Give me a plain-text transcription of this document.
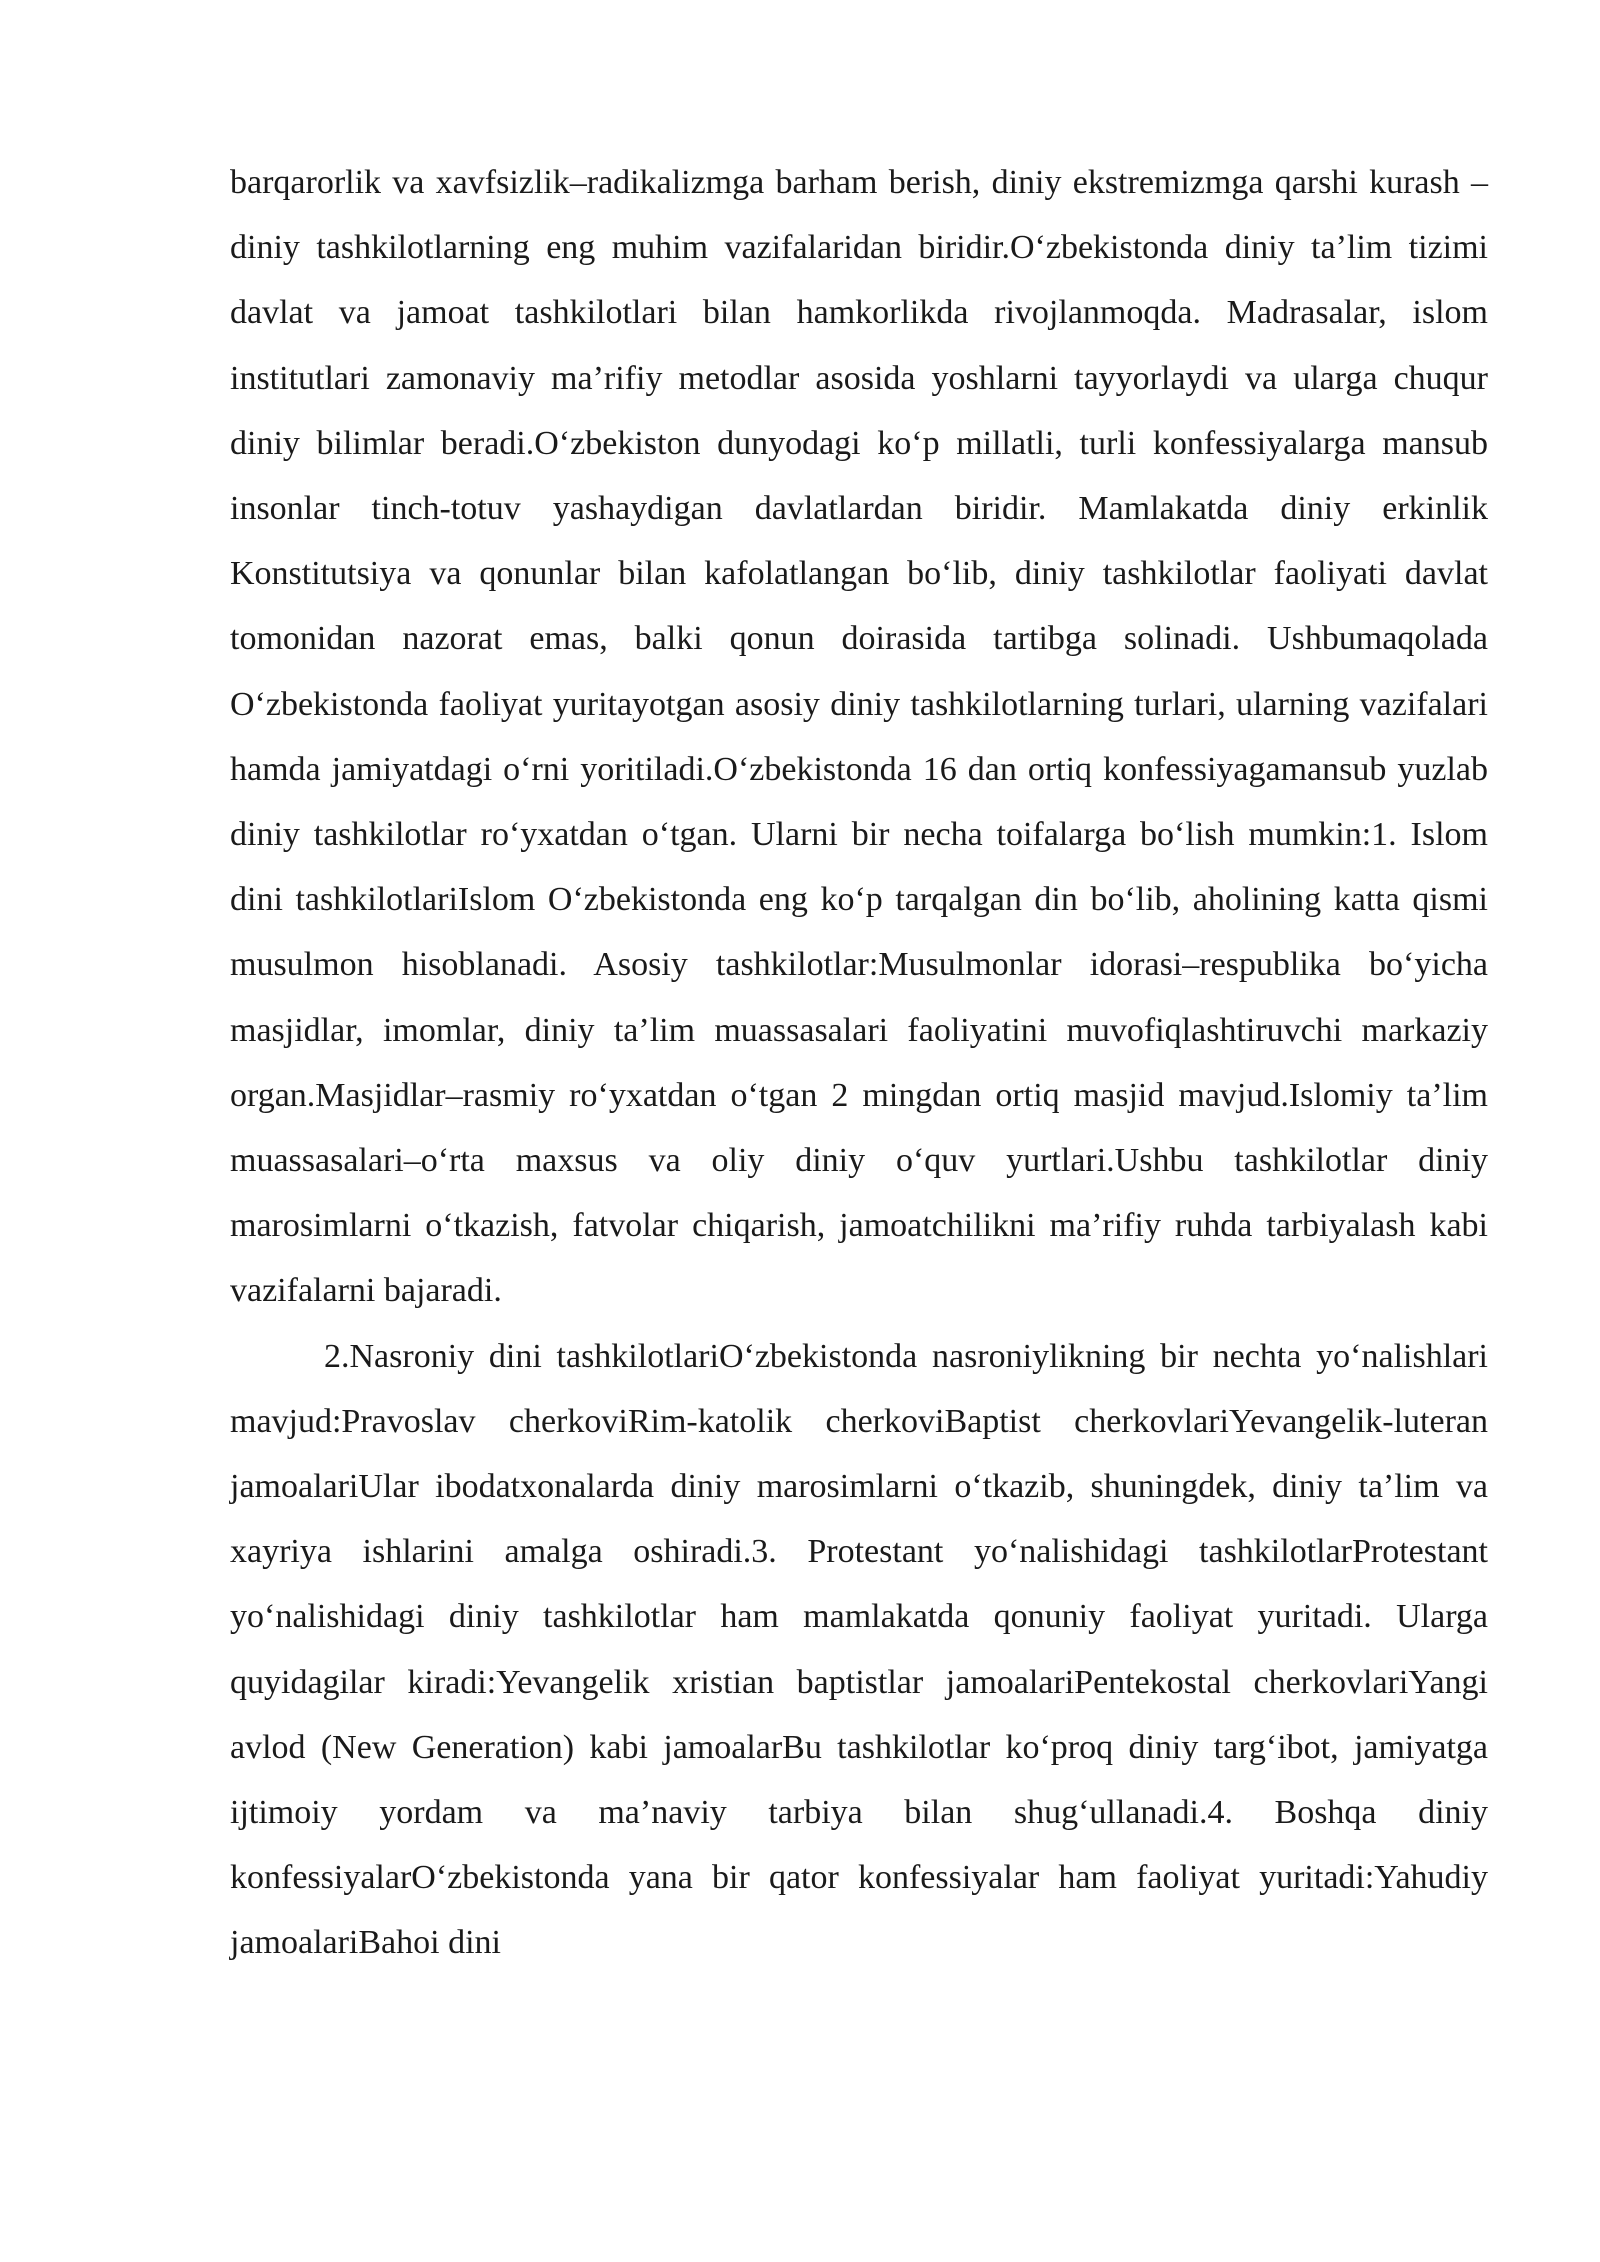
barqarorlik va xavfsizlik–radikalizmga barham berish, diniy ekstremizmga qarshi kurash –diniy tashkilotlarning eng muhim vazifalaridan biridir.O‘zbekistonda diniy ta’lim tizimi davlat va jamoat tashkilotlari bilan hamkorlikda rivojlanmoqda. Madrasalar, islom institutlari zamonaviy ma’rifiy metodlar asosida yoshlarni tayyorlaydi va ularga chuqur diniy bilimlar beradi.O‘zbekiston dunyodagi ko‘p millatli, turli konfessiyalarga mansub insonlar tinch-totuv yashaydigan davlatlardan biridir. Mamlakatda diniy erkinlik Konstitutsiya va qonunlar bilan kafolatlangan bo‘lib, diniy tashkilotlar faoliyati davlat tomonidan nazorat emas, balki qonun doirasida tartibga solinadi. Ushbumaqolada O‘zbekistonda faoliyat yuritayotgan asosiy diniy tashkilotlarning turlari, ularning vazifalari hamda jamiyatdagi o‘rni yoritiladi.O‘zbekistonda 16 dan ortiq konfessiyagamansub yuzlab diniy tashkilotlar ro‘yxatdan o‘tgan. Ularni bir necha toifalarga bo‘lish mumkin:1. Islom dini tashkilotlariIslom O‘zbekistonda eng ko‘p tarqalgan din bo‘lib, aholining katta qismi musulmon hisoblanadi. Asosiy tashkilotlar:Musulmonlar idorasi–respublika bo‘yicha masjidlar, imomlar, diniy ta’lim muassasalari faoliyatini muvofiqlashtiruvchi markaziy organ.Masjidlar–rasmiy ro‘yxatdan o‘tgan 2 mingdan ortiq masjid mavjud.Islomiy ta’lim muassasalari–o‘rta maxsus va oliy diniy o‘quv yurtlari.Ushbu tashkilotlar diniy marosimlarni o‘tkazish, fatvolar chiqarish, jamoatchilikni ma’rifiy ruhda tarbiyalash kabi vazifalarni bajaradi.

2.Nasroniy dini tashkilotlariO‘zbekistonda nasroniylikning bir nechta yo‘nalishlari mavjud:Pravoslav cherkoviRim-katolik cherkoviBaptist cherkovlariYevangelik-luteran jamoalariUlar ibodatxonalarda diniy marosimlarni o‘tkazib, shuningdek, diniy ta’lim va xayriya ishlarini amalga oshiradi.3. Protestant yo‘nalishidagi tashkilotlarProtestant yo‘nalishidagi diniy tashkilotlar ham mamlakatda qonuniy faoliyat yuritadi. Ularga quyidagilar kiradi:Yevangelik xristian baptistlar jamoalariPentekostal cherkovlariYangi avlod (New Generation) kabi jamoalarBu tashkilotlar ko‘proq diniy targ‘ibot, jamiyatga ijtimoiy yordam va ma’naviy tarbiya bilan shug‘ullanadi.4. Boshqa diniy konfessiyalarO‘zbekistonda yana bir qator konfessiyalar ham faoliyat yuritadi:Yahudiy jamoalariBahoi dini
